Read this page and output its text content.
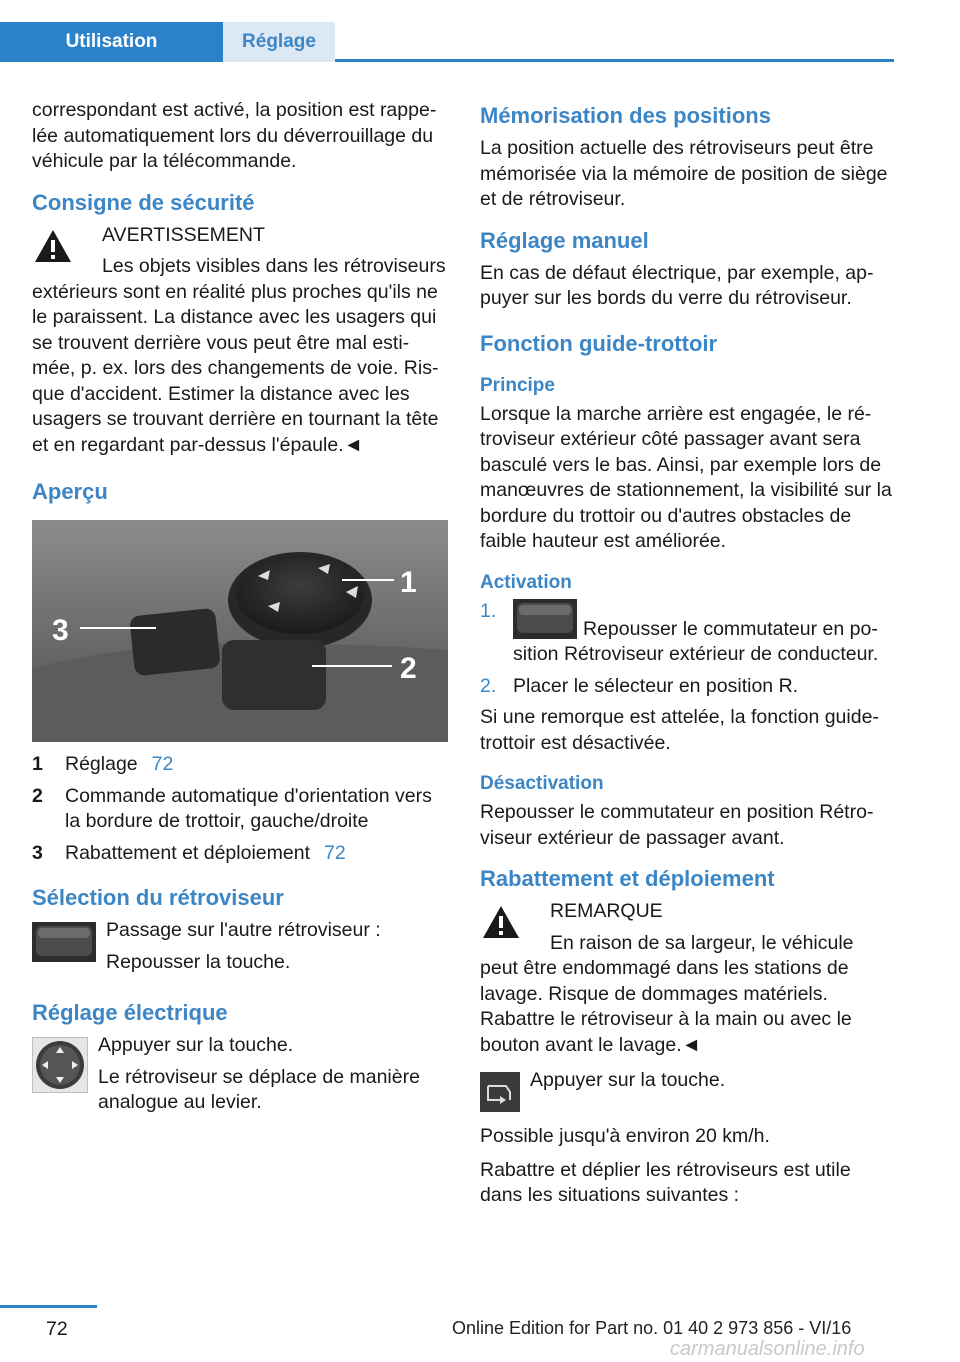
Utilisation	Réglage

correspondant est activé, la position est rappe-lée automatiquement lors du déverrouillage du véhicule par la télécommande.

Consigne de sécurité
AVERTISSEMENT

Les objets visibles dans les rétroviseurs extérieurs sont en réalité plus proches qu'ils ne le paraissent. La distance avec les usagers qui se trouvent derrière vous peut être mal esti-mée, p. ex. lors des changements de voie. Ris-que d'accident. Estimer la distance avec les usagers se trouvant derrière en tournant la tête et en regardant par-dessus l'épaule.◄

Aperçu
1
2
3
1	Réglage 72
2	Commande automatique d'orientation vers la bordure de trottoir, gauche/droite
3	Rabattement et déploiement 72
Sélection du rétroviseur

Passage sur l'autre rétroviseur :

Repousser la touche.

Réglage électrique

Appuyer sur la touche.

Le rétroviseur se déplace de manière analogue au levier.

Mémorisation des positions

La position actuelle des rétroviseurs peut être mémorisée via la mémoire de position de siège et de rétroviseur.

Réglage manuel

En cas de défaut électrique, par exemple, ap-puyer sur les bords du verre du rétroviseur.

Fonction guide-trottoir
Principe

Lorsque la marche arrière est engagée, le ré-troviseur extérieur côté passager avant sera basculé vers le bas. Ainsi, par exemple lors de manœuvres de stationnement, la visibilité sur la bordure du trottoir ou d'autres obstacles de faible hauteur est améliorée.

Activation
1.
Repousser le commutateur en po-sition Rétroviseur extérieur de conducteur.
2. Placer le sélecteur en position R.

Si une remorque est attelée, la fonction guide-trottoir est désactivée.

Désactivation

Repousser le commutateur en position Rétro-viseur extérieur de passager avant.

Rabattement et déploiement
REMARQUE

En raison de sa largeur, le véhicule peut être endommagé dans les stations de lavage. Risque de dommages matériels. Rabattre le rétroviseur à la main ou avec le bouton avant le lavage.◄

Appuyer sur la touche.

Possible jusqu'à environ 20 km/h.

Rabattre et déplier les rétroviseurs est utile dans les situations suivantes :

72	Online Edition for Part no. 01 40 2 973 856 - VI/16
carmanualsonline.info
